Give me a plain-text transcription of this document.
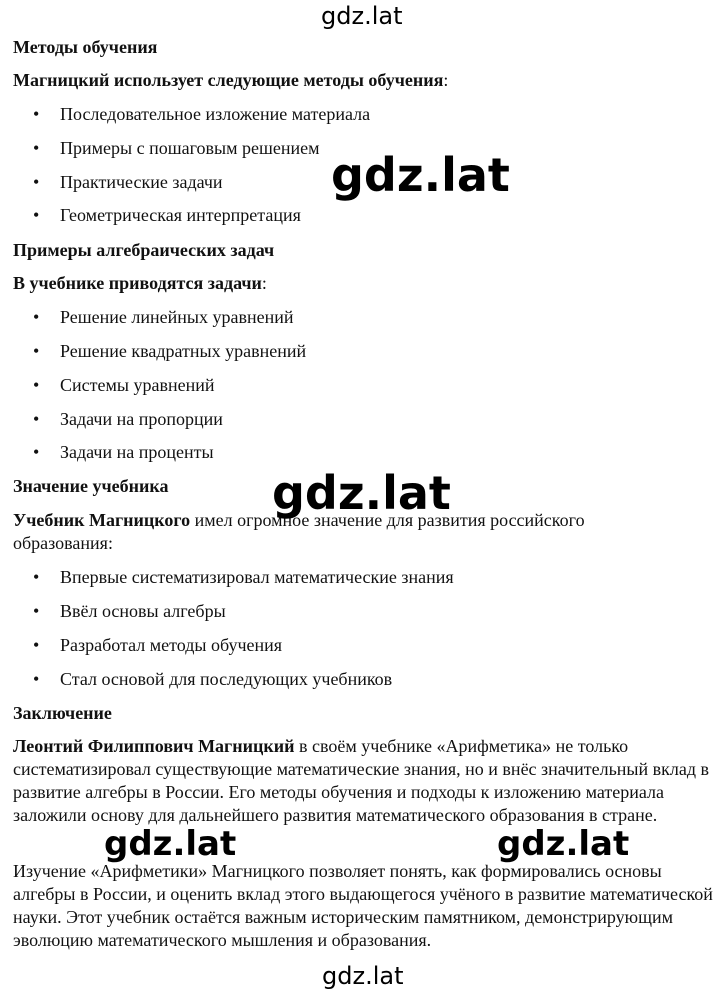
Методы обучения

Магницкий использует следующие методы обучения:

• Последовательное изложение материала

• Примеры с пошаговым решением

• Практические задачи

• Геометрическая интерпретация

Примеры алгебраических задач

В учебнике приводятся задачи:

• Решение линейных уравнений

• Решение квадратных уравнений

• Системы уравнений

• Задачи на пропорции

• Задачи на проценты

Значение учебника

Учебник Магницкого имел огромное значение для развития российского образования:

• Впервые систематизировал математические знания

• Ввёл основы алгебры

• Разработал методы обучения

• Стал основой для последующих учебников

Заключение

Леонтий Филиппович Магницкий в своём учебнике «Арифметика» не только систематизировал существующие математические знания, но и внёс значительный вклад в развитие алгебры в России. Его методы обучения и подходы к изложению материала заложили основу для дальнейшего развития математического образования в стране.

Изучение «Арифметики» Магницкого позволяет понять, как формировались основы алгебры в России, и оценить вклад этого выдающегося учёного в развитие математической науки. Этот учебник остаётся важным историческим памятником, демонстрирующим эволюцию математического мышления и образования.

gdz.lat

gdz.lat

gdz.lat

gdz.lat	gdz.lat

gdz.lat
